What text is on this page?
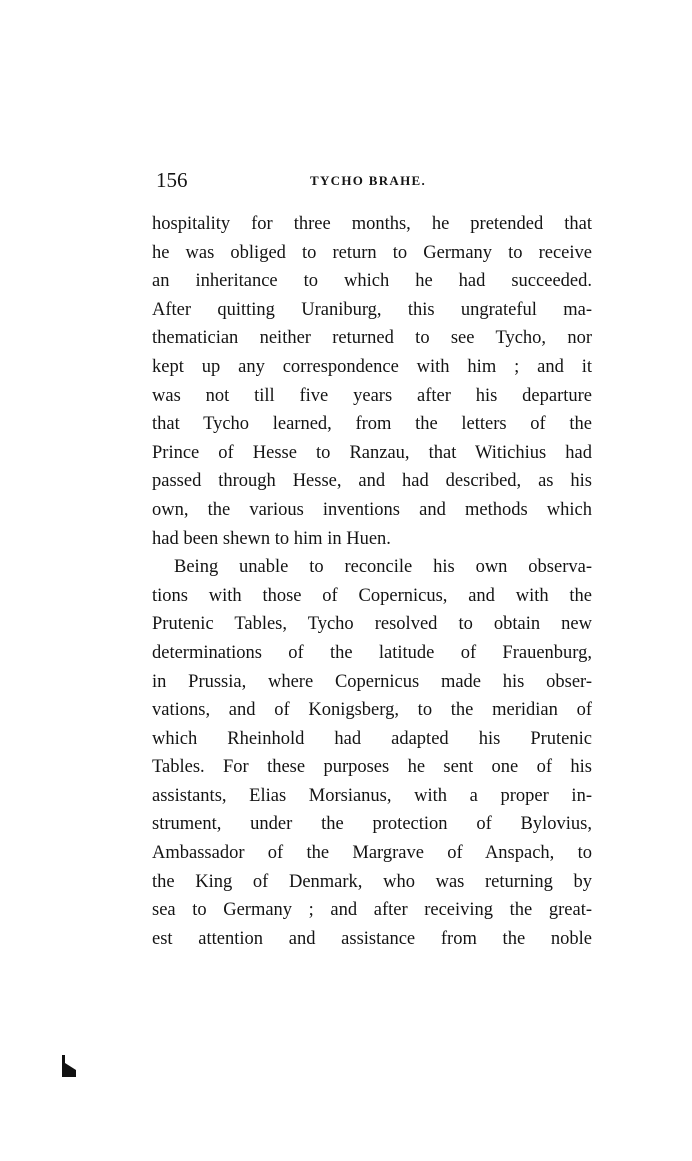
156	TYCHO BRAHE.
hospitality for three months, he pretended that
he was obliged to return to Germany to receive
an inheritance to which he had succeeded.
After quitting Uraniburg, this ungrateful ma-
thematician neither returned to see Tycho, nor
kept up any correspondence with him ; and it
was not till five years after his departure
that Tycho learned, from the letters of the
Prince of Hesse to Ranzau, that Witichius had
passed through Hesse, and had described, as his
own, the various inventions and methods which
had been shewn to him in Huen.
Being unable to reconcile his own observa-
tions with those of Copernicus, and with the
Prutenic Tables, Tycho resolved to obtain new
determinations of the latitude of Frauenburg,
in Prussia, where Copernicus made his obser-
vations, and of Konigsberg, to the meridian of
which Rheinhold had adapted his Prutenic
Tables. For these purposes he sent one of his
assistants, Elias Morsianus, with a proper in-
strument, under the protection of Bylovius,
Ambassador of the Margrave of Anspach, to
the King of Denmark, who was returning by
sea to Germany ; and after receiving the great-
est attention and assistance from the noble
